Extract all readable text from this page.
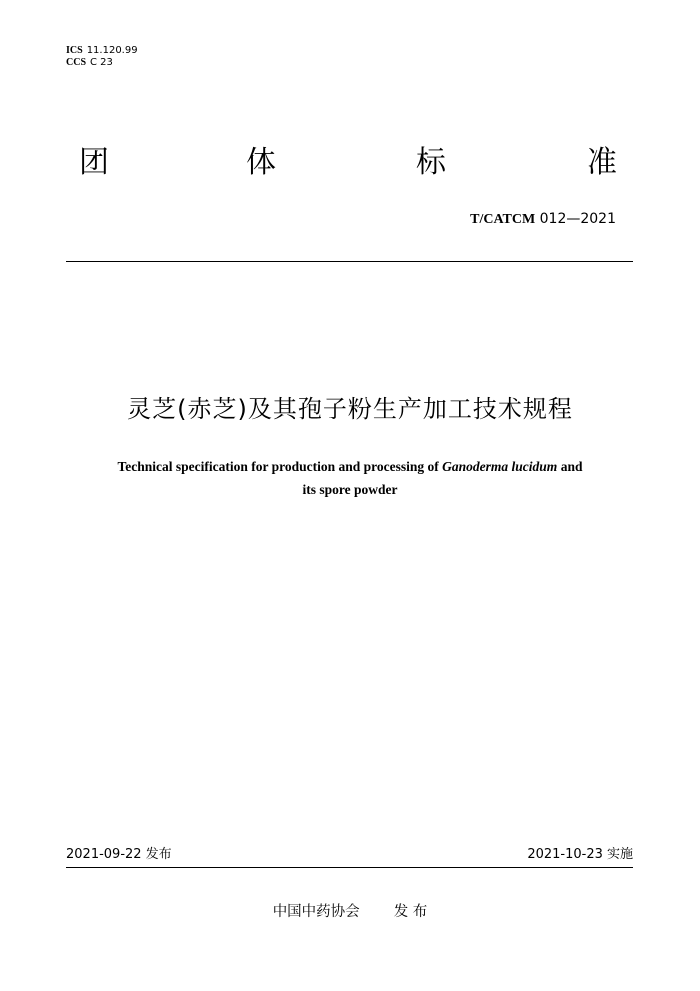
ICS 11.120.99
CCS C 23
团	体	标	准
T/CATCM 012—2021
灵芝(赤芝)及其孢子粉生产加工技术规程
Technical specification for production and processing of Ganoderma lucidum and
its spore powder
2021-09-22 发布	2021-10-23 实施
中国中药协会 发 布
